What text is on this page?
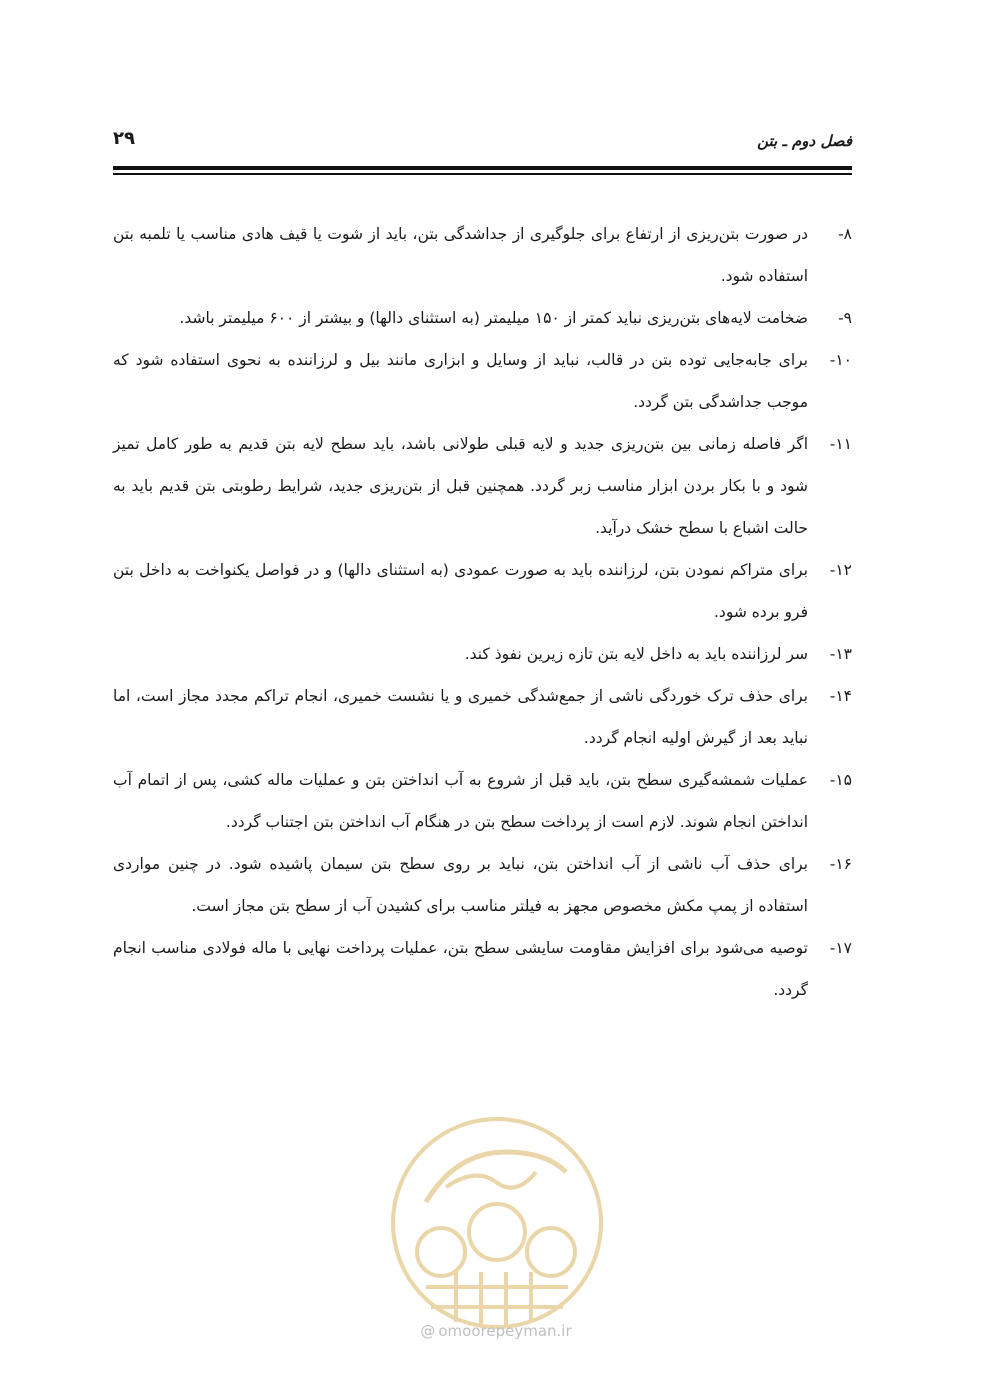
فصل دوم ـ بتن
۲۹
۸-
در صورت بتن‌ریزی از ارتفاع برای جلوگیری از جداشدگی بتن، باید از شوت یا قیف هادی مناسب یا تلمبه بتن استفاده شود.
۹-
ضخامت لایه‌های بتن‌ریزی نباید کمتر از ۱۵۰ میلیمتر (به استثنای دالها) و بیشتر از ۶۰۰ میلیمتر باشد.
۱۰-
برای جابه‌جایی توده بتن در قالب، نباید از وسایل و ابزاری مانند بیل و لرزاننده به نحوی استفاده شود که موجب جداشدگی بتن گردد.
۱۱-
اگر فاصله زمانی بین بتن‌ریزی جدید و لایه قبلی طولانی باشد، باید سطح لایه بتن قدیم به طور کامل تمیز شود و با بکار بردن ابزار مناسب زبر گردد. همچنین قبل از بتن‌ریزی جدید، شرایط رطوبتی بتن قدیم باید به حالت اشباع با سطح خشک درآید.
۱۲-
برای متراکم نمودن بتن، لرزاننده باید به صورت عمودی (به استثنای دالها) و در فواصل یکنواخت به داخل بتن فرو برده شود.
۱۳-
سر لرزاننده باید به داخل لایه بتن تازه زیرین نفوذ کند.
۱۴-
برای حذف ترک خوردگی ناشی از جمع‌شدگی خمیری و یا نشست خمیری، انجام تراکم مجدد مجاز است، اما نباید بعد از گیرش اولیه انجام گردد.
۱۵-
عملیات شمشه‌گیری سطح بتن، باید قبل از شروع به آب انداختن بتن و عملیات ماله کشی، پس از اتمام آب انداختن انجام شوند. لازم است از پرداخت سطح بتن در هنگام آب انداختن بتن اجتناب گردد.
۱۶-
برای حذف آب ناشی از آب انداختن بتن، نباید بر روی سطح بتن سیمان پاشیده شود. در چنین مواردی استفاده از پمپ مکش مخصوص مجهز به فیلتر مناسب برای کشیدن آب از سطح بتن مجاز است.
۱۷-
توصیه می‌شود برای افزایش مقاومت سایشی سطح بتن، عملیات پرداخت نهایی با ماله فولادی مناسب انجام گردد.
@ omoorepeyman.ir
